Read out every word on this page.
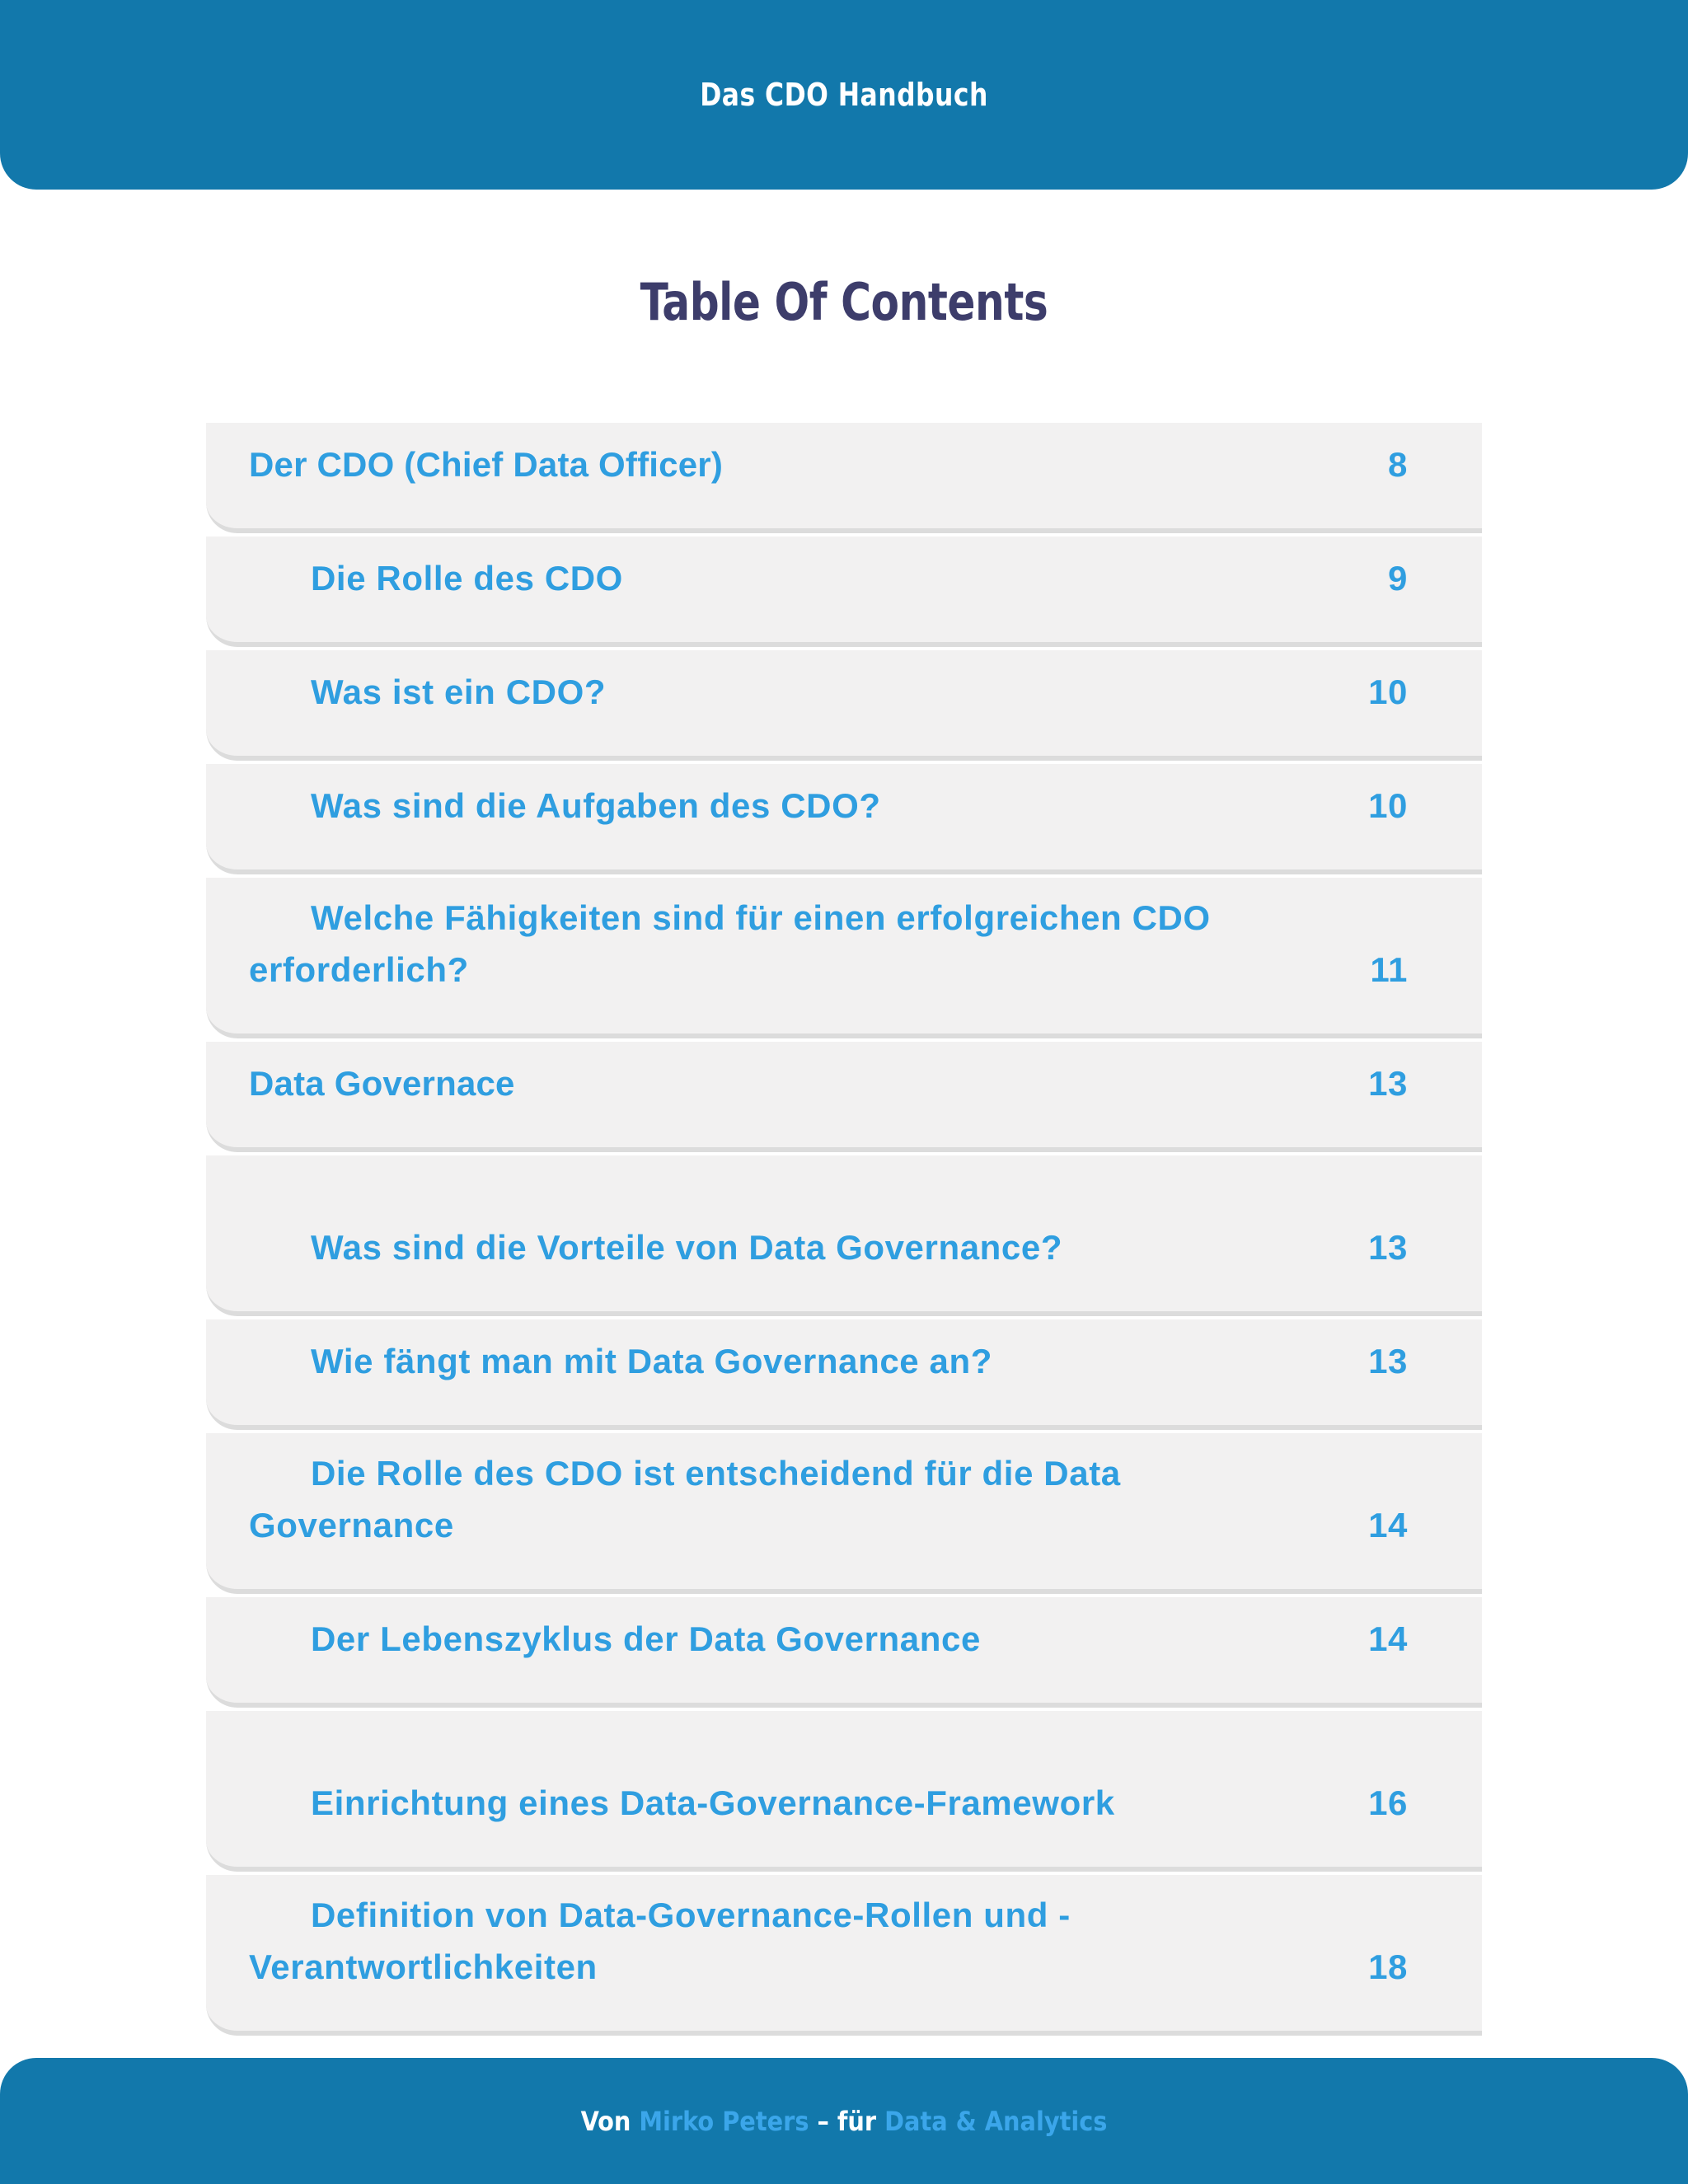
Das CDO Handbuch
Table Of Contents
Der CDO (Chief Data Officer)	8
Die Rolle des CDO	9
Was ist ein CDO?	10
Was sind die Aufgaben des CDO?	10
Welche Fähigkeiten sind für einen erfolgreichen CDO erforderlich?	11
Data Governace	13
Was sind die Vorteile von Data Governance?	13
Wie fängt man mit Data Governance an?	13
Die Rolle des CDO ist entscheidend für die Data Governance	14
Der Lebenszyklus der Data Governance	14
Einrichtung eines Data-Governance-Framework	16
Definition von Data-Governance-Rollen und -Verantwortlichkeiten	18
Von Mirko Peters – für Data & Analytics
